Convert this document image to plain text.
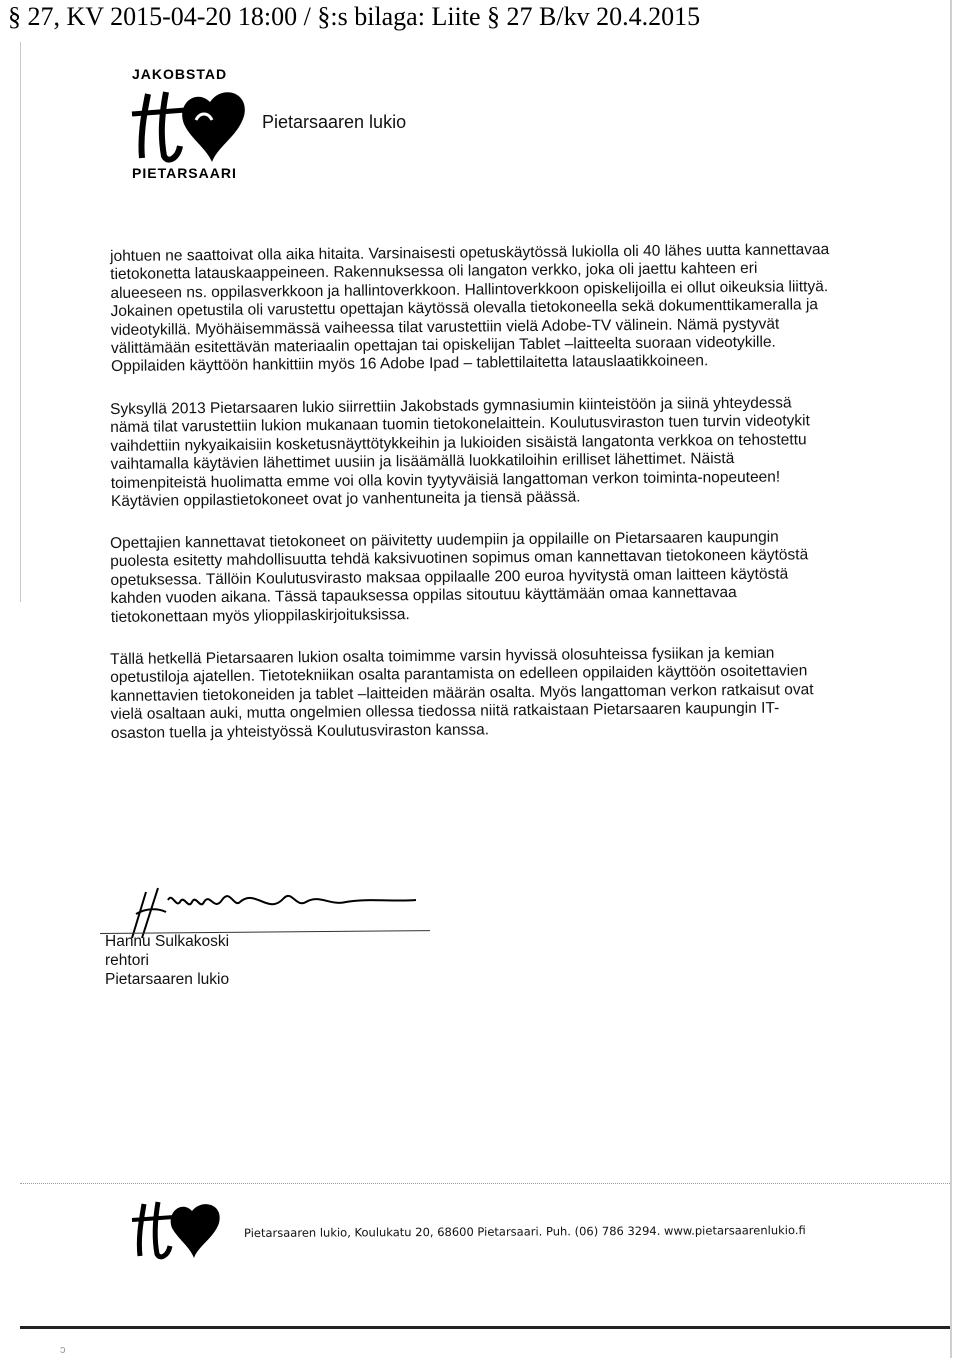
§ 27, KV 2015-04-20 18:00 / §:s bilaga: Liite § 27 B/kv 20.4.2015
JAKOBSTAD
PIETARSAARI
Pietarsaaren lukio

johtuen ne saattoivat olla aika hitaita. Varsinaisesti opetuskäytössä lukiolla oli 40 lähes uutta kannettavaa tietokonetta latauskaappeineen. Rakennuksessa oli langaton verkko, joka oli jaettu kahteen eri alueeseen ns. oppilasverkkoon ja hallintoverkkoon. Hallintoverkkoon opiskelijoilla ei ollut oikeuksia liittyä. Jokainen opetustila oli varustettu opettajan käytössä olevalla tietokoneella sekä dokumenttikameralla ja videotykillä. Myöhäisemmässä vaiheessa tilat varustettiin vielä Adobe-TV välinein. Nämä pystyvät välittämään esitettävän materiaalin opettajan tai opiskelijan Tablet –laitteelta suoraan videotykille. Oppilaiden käyttöön hankittiin myös 16 Adobe Ipad – tablettilaitetta latauslaatikkoineen.

Syksyllä 2013 Pietarsaaren lukio siirrettiin Jakobstads gymnasiumin kiinteistöön ja siinä yhteydessä nämä tilat varustettiin lukion mukanaan tuomin tietokonelaittein. Koulutusviraston tuen turvin videotykit vaihdettiin nykyaikaisiin kosketusnäyttötykkeihin ja lukioiden sisäistä langatonta verkkoa on tehostettu vaihtamalla käytävien lähettimet uusiin ja lisäämällä luokkatiloihin erilliset lähettimet. Näistä toimenpiteistä huolimatta emme voi olla kovin tyytyväisiä langattoman verkon toiminta-nopeuteen! Käytävien oppilastietokoneet ovat jo vanhentuneita ja tiensä päässä.

Opettajien kannettavat tietokoneet on päivitetty uudempiin ja oppilaille on Pietarsaaren kaupungin puolesta esitetty mahdollisuutta tehdä kaksivuotinen sopimus oman kannettavan tietokoneen käytöstä opetuksessa. Tällöin Koulutusvirasto maksaa oppilaalle 200 euroa hyvitystä oman laitteen käytöstä kahden vuoden aikana. Tässä tapauksessa oppilas sitoutuu käyttämään omaa kannettavaa tietokonettaan myös ylioppilaskirjoituksissa.

Tällä hetkellä Pietarsaaren lukion osalta toimimme varsin hyvissä olosuhteissa fysiikan ja kemian opetustiloja ajatellen. Tietotekniikan osalta parantamista on edelleen oppilaiden käyttöön osoitettavien kannettavien tietokoneiden ja tablet –laitteiden määrän osalta. Myös langattoman verkon ratkaisut ovat vielä osaltaan auki, mutta ongelmien ollessa tiedossa niitä ratkaistaan Pietarsaaren kaupungin IT-osaston tuella ja yhteistyössä Koulutusviraston kanssa.

Hannu Sulkakoski
rehtori
Pietarsaaren lukio
Pietarsaaren lukio, Koulukatu 20, 68600 Pietarsaari. Puh. (06) 786 3294. www.pietarsaarenlukio.fi
ↄ
